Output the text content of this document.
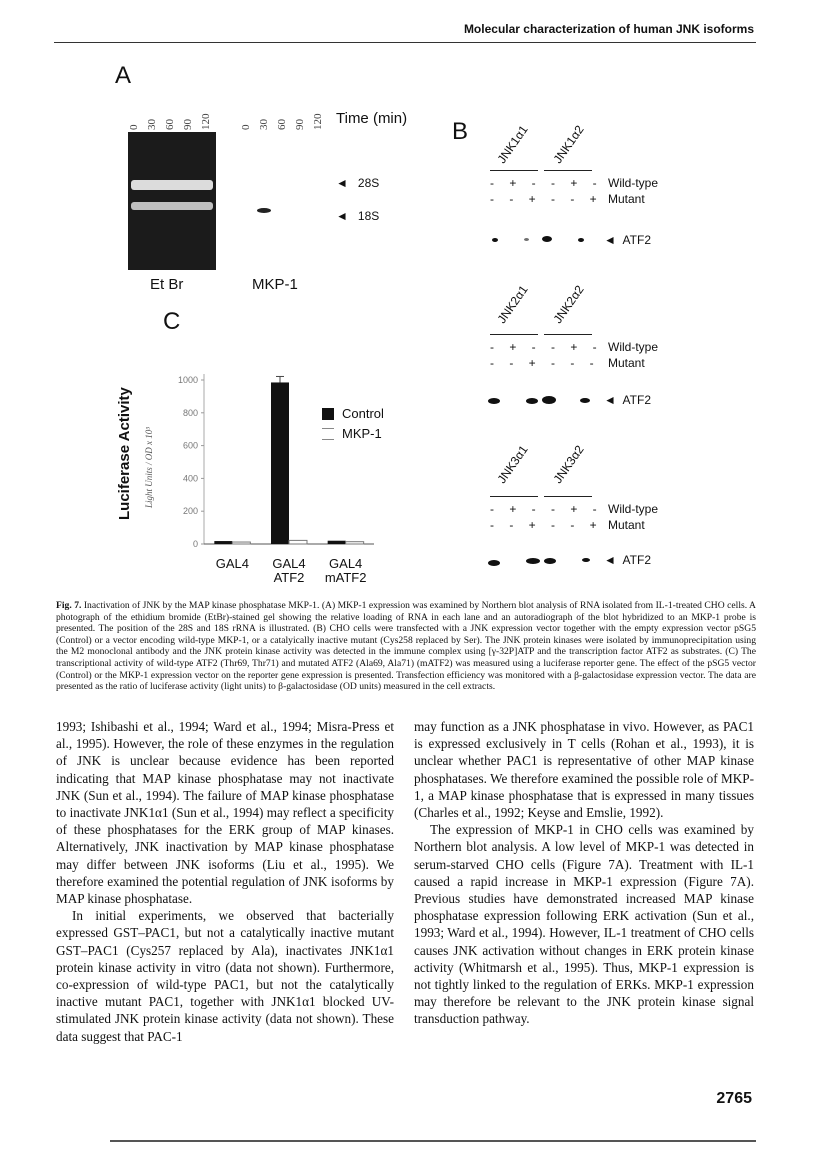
Molecular characterization of human JNK isoforms
A
0 30 60 90 120
Et Br
0 30 60 90 120 Time (min)
◄   28S
◄   18S
MKP-1
C
Luciferase Activity Light Units / OD x 10³
1000
800
600
400
200
0
GAL4 GAL4 ATF2
GAL4 mATF2
Control
MKP-1
B JNK1α1 JNK1α2
- + - - + -
- - + - - +
Wild-type
Mutant
◄  ATF2
JNK2α1 JNK2α2
- + - - + -
- - + - - -
Wild-type
Mutant
◄  ATF2
JNK3α1 JNK3α2
- + - - + -
- - + - - +
Wild-type
Mutant
◄  ATF2
Fig. 7. Inactivation of JNK by the MAP kinase phosphatase MKP-1. (A) MKP-1 expression was examined by Northern blot analysis of RNA isolated from IL-1-treated CHO cells. A photograph of the ethidium bromide (EtBr)-stained gel showing the relative loading of RNA in each lane and an autoradiograph of the blot hybridized to an MKP-1 probe is presented. The position of the 28S and 18S rRNA is illustrated. (B) CHO cells were transfected with a JNK expression vector together with the empty expression vector pSG5 (Control) or a vector encoding wild-type MKP-1, or a catalyically inactive mutant (Cys258 replaced by Ser). The JNK protein kinases were isolated by immunoprecipitation using the M2 monoclonal antibody and the JNK protein kinase activity was detected in the immune complex using [γ-32P]ATP and the transcription factor ATF2 as substrates. (C) The transcriptional activity of wild-type ATF2 (Thr69, Thr71) and mutated ATF2 (Ala69, Ala71) (mATF2) was measured using a luciferase reporter gene. The effect of the pSG5 vector (Control) or the MKP-1 expression vector on the reporter gene expression is presented. Transfection efficiency was monitored with a β-galactosidase expression vector. The data are presented as the ratio of luciferase activity (light units) to β-galactosidase (OD units) measured in the cell extracts.

1993; Ishibashi et al., 1994; Ward et al., 1994; Misra-Press et al., 1995). However, the role of these enzymes in the regulation of JNK is unclear because evidence has been reported indicating that MAP kinase phosphatase may not inactivate JNK (Sun et al., 1994). The failure of MAP kinase phosphatase to inactivate JNK1α1 (Sun et al., 1994) may reflect a specificity of these phosphatases for the ERK group of MAP kinases. Alternatively, JNK inactivation by MAP kinase phosphatase may differ between JNK isoforms (Liu et al., 1995). We therefore examined the potential regulation of JNK isoforms by MAP kinase phosphatase.

In initial experiments, we observed that bacterially expressed GST–PAC1, but not a catalytically inactive mutant GST–PAC1 (Cys257 replaced by Ala), inactivates JNK1α1 protein kinase activity in vitro (data not shown). Furthermore, co-expression of wild-type PAC1, but not the catalytically inactive mutant PAC1, together with JNK1α1 blocked UV-stimulated JNK protein kinase activity (data not shown). These data suggest that PAC-1

may function as a JNK phosphatase in vivo. However, as PAC1 is expressed exclusively in T cells (Rohan et al., 1993), it is unclear whether PAC1 is representative of other MAP kinase phosphatases. We therefore examined the possible role of MKP-1, a MAP kinase phosphatase that is expressed in many tissues (Charles et al., 1992; Keyse and Emslie, 1992).

The expression of MKP-1 in CHO cells was examined by Northern blot analysis. A low level of MKP-1 was detected in serum-starved CHO cells (Figure 7A). Treatment with IL-1 caused a rapid increase in MKP-1 expression (Figure 7A). Previous studies have demonstrated increased MAP kinase phosphatase expression following ERK activation (Sun et al., 1993; Ward et al., 1994). However, IL-1 treatment of CHO cells causes JNK activation without changes in ERK protein kinase activity (Whitmarsh et al., 1995). Thus, MKP-1 expression is not tightly linked to the regulation of ERKs. MKP-1 expression may therefore be relevant to the JNK protein kinase signal transduction pathway.

2765
